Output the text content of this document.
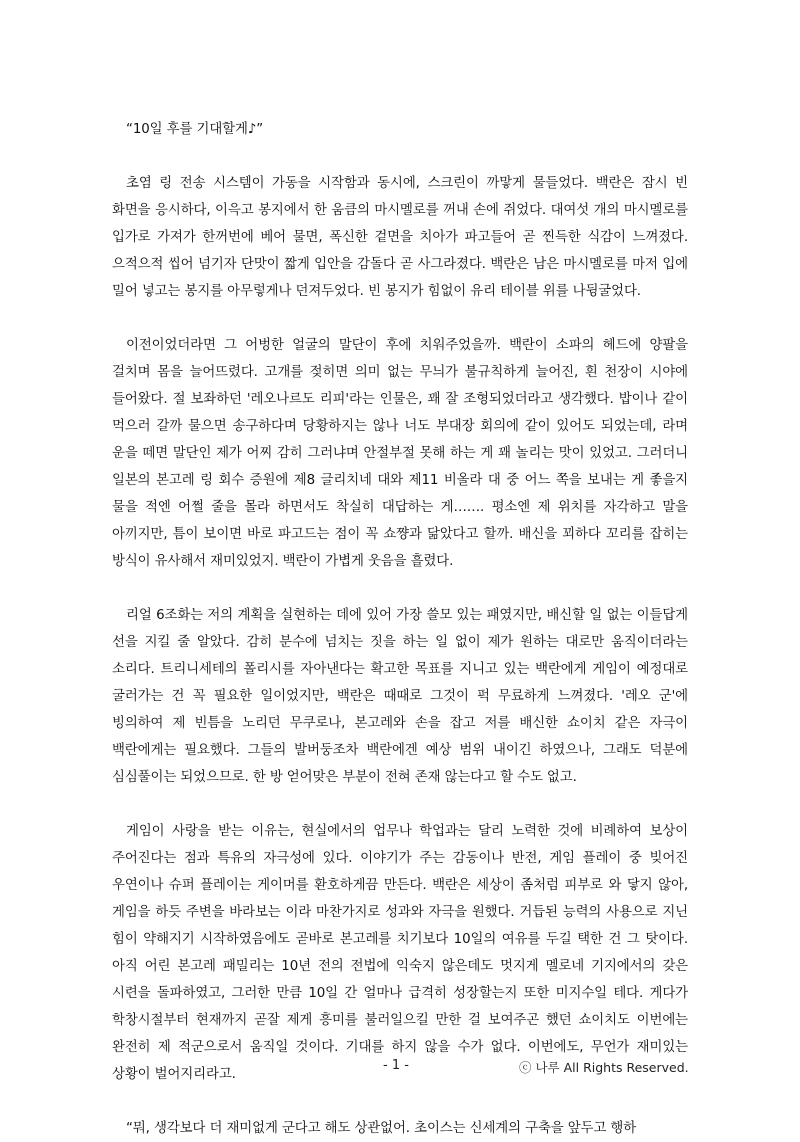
“10일 후를 기대할게♪”

초염 링 전송 시스템이 가동을 시작함과 동시에, 스크린이 까맣게 물들었다. 백란은 잠시 빈 화면을 응시하다, 이윽고 봉지에서 한 움큼의 마시멜로를 꺼내 손에 쥐었다. 대여섯 개의 마시멜로를 입가로 가져가 한꺼번에 베어 물면, 폭신한 겉면을 치아가 파고들어 곧 찐득한 식감이 느껴졌다. 으적으적 씹어 넘기자 단맛이 짧게 입안을 감돌다 곧 사그라졌다. 백란은 남은 마시멜로를 마저 입에 밀어 넣고는 봉지를 아무렇게나 던져두었다. 빈 봉지가 힘없이 유리 테이블 위를 나뒹굴었다.

이전이었더라면 그 어벙한 얼굴의 말단이 후에 치워주었을까. 백란이 소파의 헤드에 양팔을 걸치며 몸을 늘어뜨렸다. 고개를 젖히면 의미 없는 무늬가 불규칙하게 늘어진, 흰 천장이 시야에 들어왔다. 절 보좌하던 '레오나르도 리피'라는 인물은, 꽤 잘 조형되었더라고 생각했다. 밥이나 같이 먹으러 갈까 물으면 송구하다며 당황하지는 않나 너도 부대장 회의에 같이 있어도 되었는데, 라며 운을 떼면 말단인 제가 어찌 감히 그러냐며 안절부절 못해 하는 게 꽤 놀리는 맛이 있었고. 그러더니 일본의 본고레 링 회수 증원에 제8 글리치네 대와 제11 비올라 대 중 어느 쪽을 보내는 게 좋을지 물을 적엔 어쩔 줄을 몰라 하면서도 착실히 대답하는 게……. 평소엔 제 위치를 자각하고 말을 아끼지만, 틈이 보이면 바로 파고드는 점이 꼭 쇼쨩과 닮았다고 할까. 배신을 꾀하다 꼬리를 잡히는 방식이 유사해서 재미있었지. 백란이 가볍게 웃음을 흘렸다.

리얼 6조화는 저의 계획을 실현하는 데에 있어 가장 쓸모 있는 패였지만, 배신할 일 없는 이들답게 선을 지킬 줄 알았다. 감히 분수에 넘치는 짓을 하는 일 없이 제가 원하는 대로만 움직이더라는 소리다. 트리니세테의 폴리시를 자아낸다는 확고한 목표를 지니고 있는 백란에게 게임이 예정대로 굴러가는 건 꼭 필요한 일이었지만, 백란은 때때로 그것이 퍽 무료하게 느껴졌다. '레오 군'에 빙의하여 제 빈틈을 노리던 무쿠로나, 본고레와 손을 잡고 저를 배신한 쇼이치 같은 자극이 백란에게는 필요했다. 그들의 발버둥조차 백란에겐 예상 범위 내이긴 하였으나, 그래도 덕분에 심심풀이는 되었으므로. 한 방 얻어맞은 부분이 전혀 존재 않는다고 할 수도 없고.

게임이 사랑을 받는 이유는, 현실에서의 업무나 학업과는 달리 노력한 것에 비례하여 보상이 주어진다는 점과 특유의 자극성에 있다. 이야기가 주는 감동이나 반전, 게임 플레이 중 빚어진 우연이나 슈퍼 플레이는 게이머를 환호하게끔 만든다. 백란은 세상이 좀처럼 피부로 와 닿지 않아, 게임을 하듯 주변을 바라보는 이라 마찬가지로 성과와 자극을 원했다. 거듭된 능력의 사용으로 지닌 힘이 약해지기 시작하였음에도 곧바로 본고레를 치기보다 10일의 여유를 두길 택한 건 그 탓이다. 아직 어린 본고레 패밀리는 10년 전의 전법에 익숙지 않은데도 멋지게 멜로네 기지에서의 갖은 시련을 돌파하였고, 그러한 만큼 10일 간 얼마나 급격히 성장할는지 또한 미지수일 테다. 게다가 학창시절부터 현재까지 곧잘 제게 흥미를 불러일으킬 만한 걸 보여주곤 했던 쇼이치도 이번에는 완전히 제 적군으로서 움직일 것이다. 기대를 하지 않을 수가 없다. 이번에도, 무언가 재미있는 상황이 벌어지리라고.

“뭐, 생각보다 더 재미없게 군다고 해도 상관없어. 초이스는 신세계의 구축을 앞두고 행하

- 1 -	ⓒ 나루 All Rights Reserved.
